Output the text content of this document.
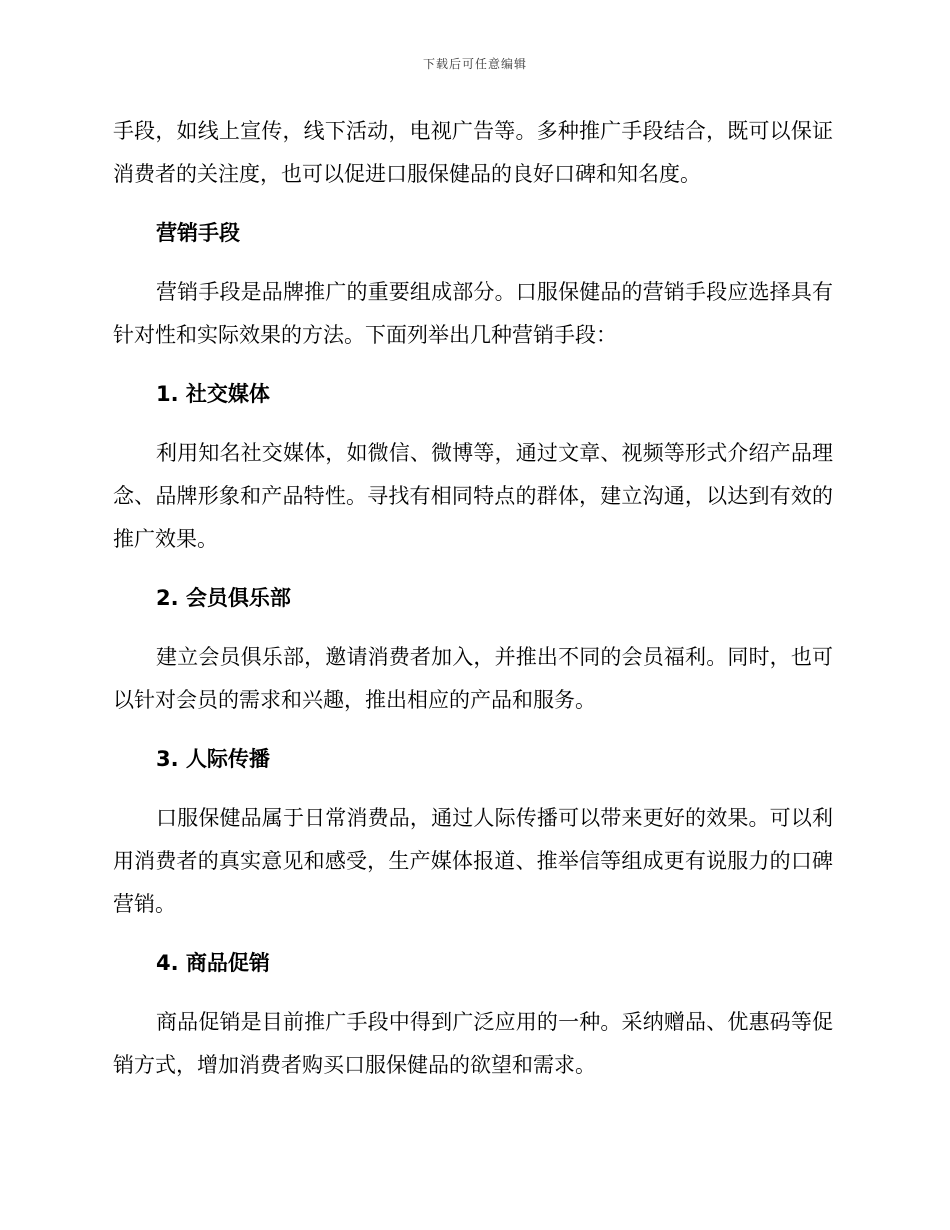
下载后可任意编辑

手段，如线上宣传，线下活动，电视广告等。多种推广手段结合，既可以保证消费者的关注度，也可以促进口服保健品的良好口碑和知名度。

营销手段

营销手段是品牌推广的重要组成部分。口服保健品的营销手段应选择具有针对性和实际效果的方法。下面列举出几种营销手段：

1. 社交媒体

利用知名社交媒体，如微信、微博等，通过文章、视频等形式介绍产品理念、品牌形象和产品特性。寻找有相同特点的群体，建立沟通，以达到有效的推广效果。

2. 会员俱乐部

建立会员俱乐部，邀请消费者加入，并推出不同的会员福利。同时，也可以针对会员的需求和兴趣，推出相应的产品和服务。

3. 人际传播

口服保健品属于日常消费品，通过人际传播可以带来更好的效果。可以利用消费者的真实意见和感受，生产媒体报道、推举信等组成更有说服力的口碑营销。

4. 商品促销

商品促销是目前推广手段中得到广泛应用的一种。采纳赠品、优惠码等促销方式，增加消费者购买口服保健品的欲望和需求。
